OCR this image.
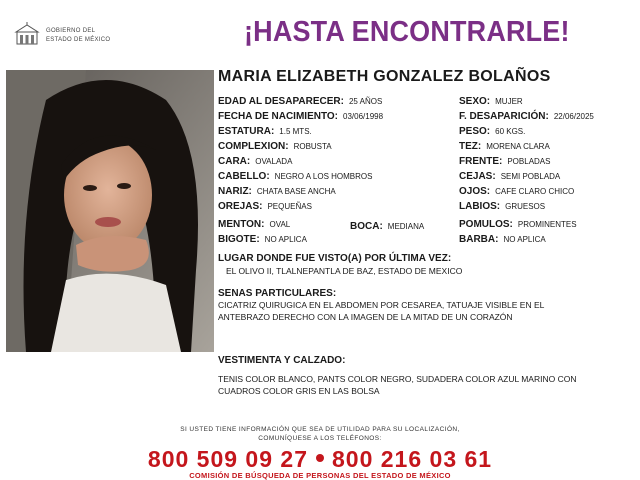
GOBIERNO DEL
ESTADO DE MÉXICO	¡HASTA ENCONTRARLE!
MARIA ELIZABETH GONZALEZ BOLAÑOS
EDAD AL DESAPARECER: 25 AÑOS
FECHA DE NACIMIENTO: 03/06/1998
ESTATURA: 1.5 MTS.
COMPLEXION: ROBUSTA
CARA: OVALADA
CABELLO: NEGRO A LOS HOMBROS
NARIZ: CHATA BASE ANCHA
OREJAS: PEQUEÑAS
MENTON: OVAL	BOCA: MEDIANA
BIGOTE: NO APLICA
SEXO: MUJER
F. DESAPARICIÓN: 22/06/2025
PESO: 60 KGS.
TEZ: MORENA CLARA
FRENTE: POBLADAS
CEJAS: SEMI POBLADA
OJOS: CAFE CLARO CHICO
LABIOS: GRUESOS
POMULOS: PROMINENTES
BARBA: NO APLICA
LUGAR DONDE FUE VISTO(A) POR ÚLTIMA VEZ:
EL OLIVO II, TLALNEPANTLA DE BAZ, ESTADO DE MEXICO
SENAS PARTICULARES:
CICATRIZ QUIRUGICA EN EL ABDOMEN POR CESAREA, TATUAJE VISIBLE EN EL
ANTEBRAZO DERECHO CON LA IMAGEN DE LA MITAD DE UN CORAZÓN
VESTIMENTA Y CALZADO:
TENIS COLOR BLANCO, PANTS COLOR NEGRO, SUDADERA COLOR AZUL MARINO CON
CUADROS COLOR GRIS EN LAS BOLSA
SI USTED TIENE INFORMACIÓN QUE SEA DE UTILIDAD PARA SU LOCALIZACIÓN,
COMUNÍQUESE A LOS TELÉFONOS:
800 509 09 27 800 216 03 61
COMISIÓN DE BÚSQUEDA DE PERSONAS DEL ESTADO DE MÉXICO
